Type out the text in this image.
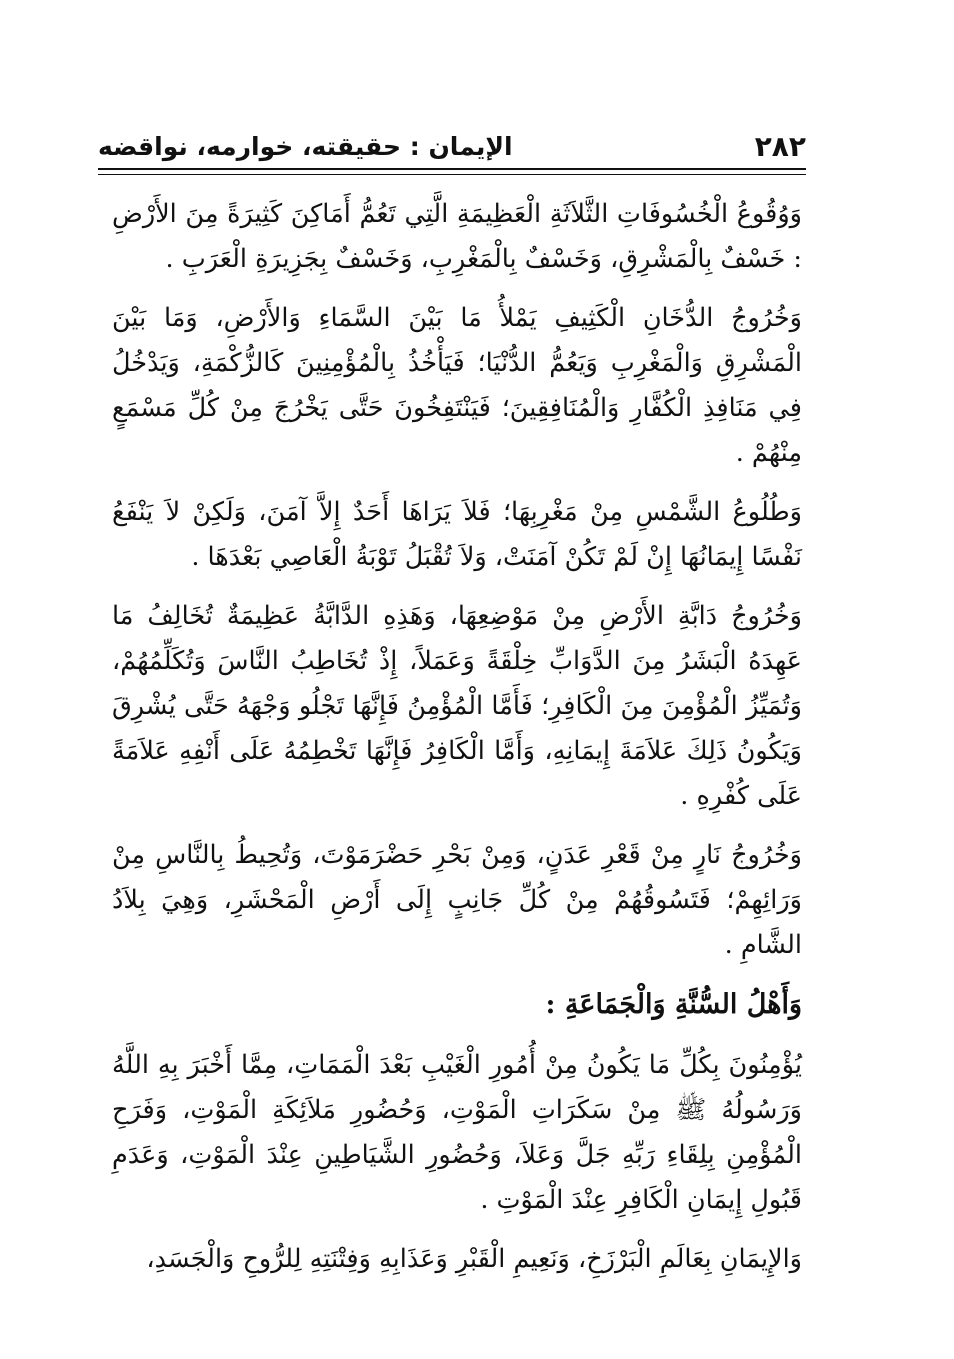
٢٨٢
الإيمان : حقيقته، خوارمه، نواقضه

وَوُقُوعُ الْخُسُوفَاتِ الثَّلاَثَةِ الْعَظِيمَةِ الَّتِي تَعُمُّ أَمَاكِنَ كَثِيرَةً مِنَ الأَرْضِ : خَسْفٌ بِالْمَشْرِقِ، وَخَسْفٌ بِالْمَغْرِبِ، وَخَسْفٌ بِجَزِيرَةِ الْعَرَبِ .

وَخُرُوجُ الدُّخَانِ الْكَثِيفِ يَمْلأُ مَا بَيْنَ السَّمَاءِ وَالأَرْضِ، وَمَا بَيْنَ الْمَشْرِقِ وَالْمَغْرِبِ وَيَعُمُّ الدُّنْيَا؛ فَيَأْخُذُ بِالْمُؤْمِنِينَ كَالزُّكْمَةِ، وَيَدْخُلُ فِي مَنَافِذِ الْكُفَّارِ وَالْمُنَافِقِينَ؛ فَيَنْتَفِخُونَ حَتَّى يَخْرُجَ مِنْ كُلِّ مَسْمَعٍ مِنْهُمْ .

وَطُلُوعُ الشَّمْسِ مِنْ مَغْرِبِهَا؛ فَلاَ يَرَاهَا أَحَدٌ إِلاَّ آمَنَ، وَلَكِنْ لاَ يَنْفَعُ نَفْسًا إِيمَانُهَا إِنْ لَمْ تَكُنْ آمَنَتْ، وَلاَ تُقْبَلُ تَوْبَةُ الْعَاصِي بَعْدَهَا .

وَخُرُوجُ دَابَّةِ الأَرْضِ مِنْ مَوْضِعِهَا، وَهَذِهِ الدَّابَّةُ عَظِيمَةٌ تُخَالِفُ مَا عَهِدَهُ الْبَشَرُ مِنَ الدَّوَابِّ خِلْقَةً وَعَمَلاً، إِذْ تُخَاطِبُ النَّاسَ وَتُكَلِّمُهُمْ، وَتُمَيِّزُ الْمُؤْمِنَ مِنَ الْكَافِرِ؛ فَأَمَّا الْمُؤْمِنُ فَإِنَّهَا تَجْلُو وَجْهَهُ حَتَّى يُشْرِقَ وَيَكُونُ ذَلِكَ عَلاَمَةَ إِيمَانِهِ، وَأَمَّا الْكَافِرُ فَإِنَّهَا تَخْطِمُهُ عَلَى أَنْفِهِ عَلاَمَةً عَلَى كُفْرِهِ .

وَخُرُوجُ نَارٍ مِنْ قَعْرِ عَدَنٍ، وَمِنْ بَحْرِ حَضْرَمَوْتَ، وَتُحِيطُ بِالنَّاسِ مِنْ وَرَائِهِمْ؛ فَتَسُوقُهُمْ مِنْ كُلِّ جَانِبٍ إِلَى أَرْضِ الْمَحْشَرِ، وَهِيَ بِلاَدُ الشَّامِ .

وَأَهْلُ السُّنَّةِ وَالْجَمَاعَةِ :

يُؤْمِنُونَ بِكُلِّ مَا يَكُونُ مِنْ أُمُورِ الْغَيْبِ بَعْدَ الْمَمَاتِ، مِمَّا أَخْبَرَ بِهِ اللَّهُ وَرَسُولُهُ ﷺ مِنْ سَكَرَاتِ الْمَوْتِ، وَحُضُورِ مَلاَئِكَةِ الْمَوْتِ، وَفَرَحِ الْمُؤْمِنِ بِلِقَاءِ رَبِّهِ جَلَّ وَعَلاَ، وَحُضُورِ الشَّيَاطِينِ عِنْدَ الْمَوْتِ، وَعَدَمِ قَبُولِ إِيمَانِ الْكَافِرِ عِنْدَ الْمَوْتِ .

وَالإِيمَانِ بِعَالَمِ الْبَرْزَخِ، وَنَعِيمِ الْقَبْرِ وَعَذَابِهِ وَفِتْنَتِهِ لِلرُّوحِ وَالْجَسَدِ،
